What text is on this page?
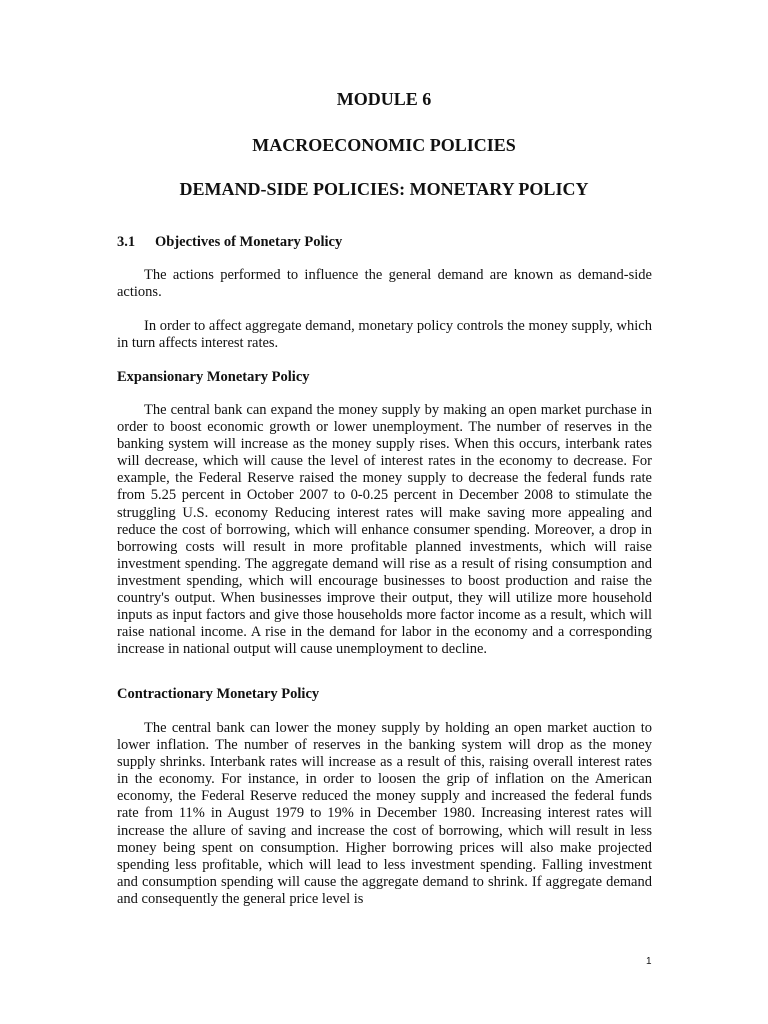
MODULE 6
MACROECONOMIC POLICIES
DEMAND-SIDE POLICIES: MONETARY POLICY
3.1 Objectives of Monetary Policy

The actions performed to influence the general demand are known as demand-side actions.

In order to affect aggregate demand, monetary policy controls the money supply, which in turn affects interest rates.

Expansionary Monetary Policy

The central bank can expand the money supply by making an open market purchase in order to boost economic growth or lower unemployment. The number of reserves in the banking system will increase as the money supply rises. When this occurs, interbank rates will decrease, which will cause the level of interest rates in the economy to decrease. For example, the Federal Reserve raised the money supply to decrease the federal funds rate from 5.25 percent in October 2007 to 0-0.25 percent in December 2008 to stimulate the struggling U.S. economy Reducing interest rates will make saving more appealing and reduce the cost of borrowing, which will enhance consumer spending. Moreover, a drop in borrowing costs will result in more profitable planned investments, which will raise investment spending. The aggregate demand will rise as a result of rising consumption and investment spending, which will encourage businesses to boost production and raise the country's output. When businesses improve their output, they will utilize more household inputs as input factors and give those households more factor income as a result, which will raise national income. A rise in the demand for labor in the economy and a corresponding increase in national output will cause unemployment to decline.

Contractionary Monetary Policy

The central bank can lower the money supply by holding an open market auction to lower inflation. The number of reserves in the banking system will drop as the money supply shrinks. Interbank rates will increase as a result of this, raising overall interest rates in the economy. For instance, in order to loosen the grip of inflation on the American economy, the Federal Reserve reduced the money supply and increased the federal funds rate from 11% in August 1979 to 19% in December 1980. Increasing interest rates will increase the allure of saving and increase the cost of borrowing, which will result in less money being spent on consumption. Higher borrowing prices will also make projected spending less profitable, which will lead to less investment spending. Falling investment and consumption spending will cause the aggregate demand to shrink. If aggregate demand and consequently the general price level is

1
